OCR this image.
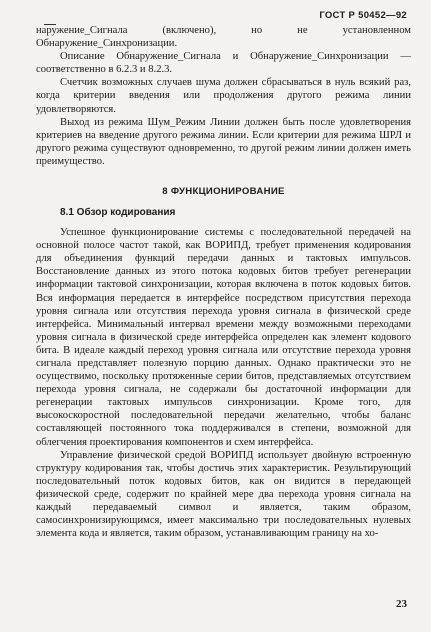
ГОСТ Р 50452—92

наружение_Сигнала (включено), но не установленном Обнаружение_Синхронизации.

Описание Обнаружение_Сигнала и Обнаружение_Синхронизации — соответственно в 6.2.3 и 8.2.3.

Счетчик возможных случаев шума должен сбрасываться в нуль всякий раз, когда критерии введения или продолжения другого режима линии удовлетворяются.

Выход из режима Шум_Режим Линии должен быть после удовлетворения критериев на введение другого режима линии. Если критерии для режима ШРЛ и другого режима существуют одновременно, то другой режим линии должен иметь преимущество.

8 ФУНКЦИОНИРОВАНИЕ
8.1 Обзор кодирования

Успешное функционирование системы с последовательной передачей на основной полосе частот такой, как ВОРИПД, требует применения кодирования для объединения функций передачи данных и тактовых импульсов. Восстановление данных из этого потока кодовых битов требует регенерации информации тактовой синхронизации, которая включена в поток кодовых битов. Вся информация передается в интерфейсе посредством присутствия перехода уровня сигнала или отсутствия перехода уровня сигнала в физической среде интерфейса. Минимальный интервал времени между возможными переходами уровня сигнала в физической среде интерфейса определен как элемент кодового бита. В идеале каждый переход уровня сигнала или отсутствие перехода уровня сигнала представляет полезную порцию данных. Однако практически это не осуществимо, поскольку протяженные серии битов, представляемых отсутствием перехода уровня сигнала, не содержали бы достаточной информации для регенерации тактовых импульсов синхронизации. Кроме того, для высокоскоростной последовательной передачи желательно, чтобы баланс составляющей постоянного тока поддерживался в степени, возможной для облегчения проектирования компонентов и схем интерфейса.

Управление физической средой ВОРИПД использует двойную встроенную структуру кодирования так, чтобы достичь этих характеристик. Результирующий последовательный поток кодовых битов, как он видится в передающей физической среде, содержит по крайней мере два перехода уровня сигнала на каждый передаваемый символ и является, таким образом, самосинхронизирующимся, имеет максимально три последовательных нулевых элемента кода и является, таким образом, устанавливающим границу на хо-

23
